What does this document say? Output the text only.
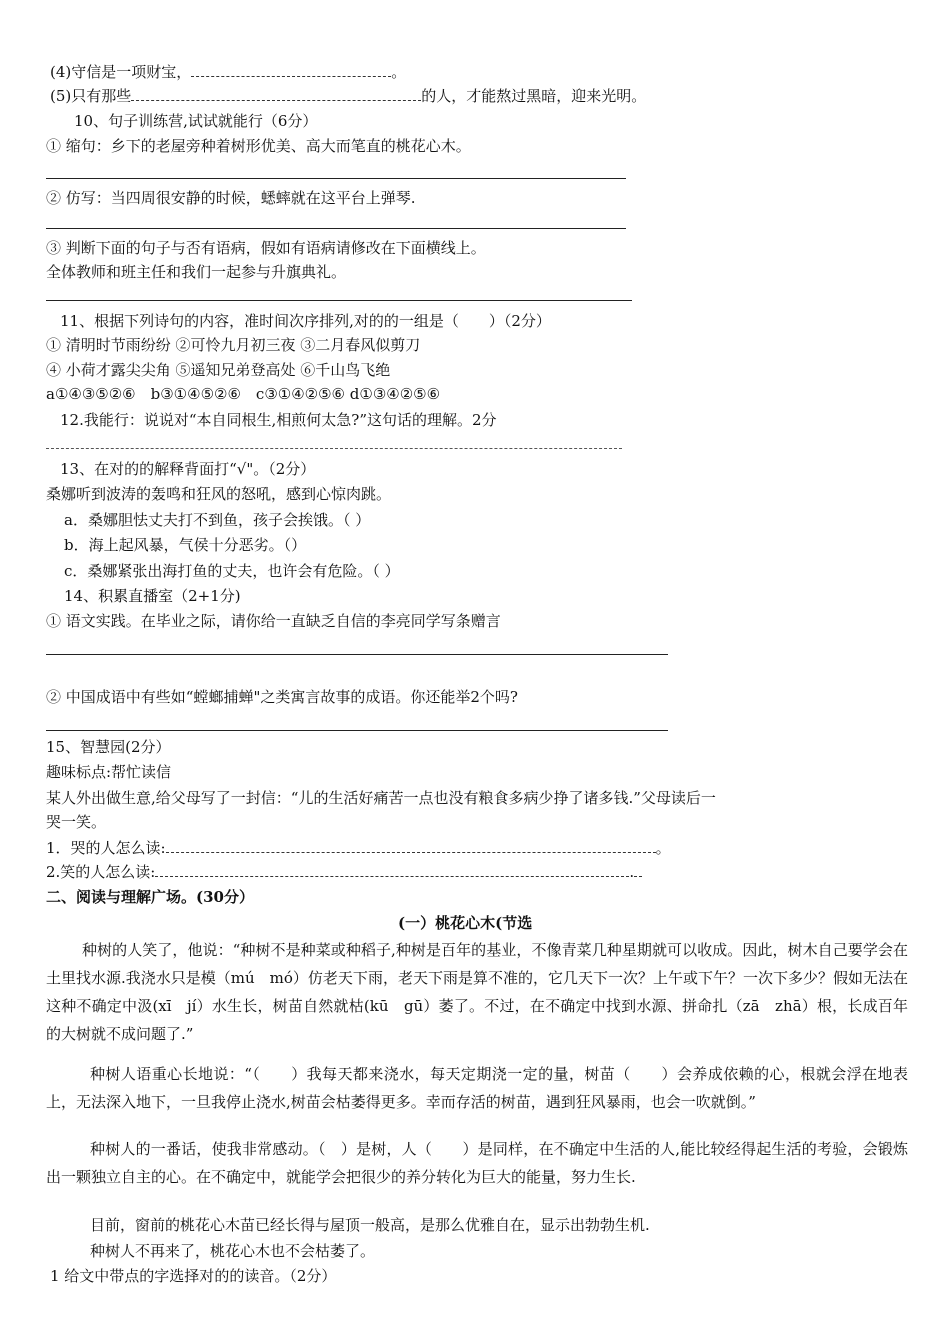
(4)守信是一项财宝，	。
(5)只有那些	的人，才能熬过黑暗，迎来光明。
10、句子训练营,试试就能行（6分）
① 缩句：乡下的老屋旁种着树形优美、高大而笔直的桃花心木。
② 仿写：当四周很安静的时候，蟋蟀就在这平台上弹琴.
③ 判断下面的句子与否有语病，假如有语病请修改在下面横线上。
全体教师和班主任和我们一起参与升旗典礼。
11、根据下列诗句的内容，准时间次序排列,对的的一组是（　　）（2分）
① 清明时节雨纷纷 ②可怜九月初三夜 ③二月春风似剪刀
④ 小荷才露尖尖角 ⑤遥知兄弟登高处 ⑥千山鸟飞绝
a①④③⑤②⑥　b③①④⑤②⑥　c③①④②⑤⑥ d①③④②⑤⑥
12.我能行：说说对“本自同根生,相煎何太急?”这句话的理解。2分
13、在对的的解释背面打“√"。（2分）
桑娜听到波涛的轰鸣和狂风的怒吼，感到心惊肉跳。
a．桑娜胆怯丈夫打不到鱼，孩子会挨饿。（ ）
b．海上起风暴，气侯十分恶劣。（）
c．桑娜紧张出海打鱼的丈夫，也许会有危险。（ ）
14、积累直播室（2+1分)
① 语文实践。在毕业之际，请你给一直缺乏自信的李亮同学写条赠言
② 中国成语中有些如“螳螂捕蝉"之类寓言故事的成语。你还能举2个吗?
15、智慧园(2分）
趣味标点:帮忙读信
某人外出做生意,给父母写了一封信：“儿的生活好痛苦一点也没有粮食多病少挣了诸多钱.”父母读后一
哭一笑。
1．哭的人怎么读:	。
2.笑的人怎么读:	.
二、阅读与理解广场。(30分）
(一）桃花心木(节选
种树的人笑了，他说：“种树不是种菜或种稻子,种树是百年的基业，不像青菜几种星期就可以收成。因此，树木自己要学会在土里找水源.我浇水只是模（mú　mó）仿老天下雨，老天下雨是算不准的，它几天下一次？上午或下午？一次下多少？假如无法在这种不确定中汲(xī　jí）水生长，树苗自然就枯(kū　gū）萎了。不过，在不确定中找到水源、拼命扎（zā　zhā）根，长成百年的大树就不成问题了.”
种树人语重心长地说：“（　　）我每天都来浇水，每天定期浇一定的量，树苗（　　）会养成依赖的心，根就会浮在地表上，无法深入地下，一旦我停止浇水,树苗会枯萎得更多。幸而存活的树苗，遇到狂风暴雨，也会一吹就倒。”
种树人的一番话，使我非常感动。（　）是树，人（　　）是同样，在不确定中生活的人,能比较经得起生活的考验，会锻炼出一颗独立自主的心。在不确定中，就能学会把很少的养分转化为巨大的能量，努力生长.
目前，窗前的桃花心木苗已经长得与屋顶一般高，是那么优雅自在，显示出勃勃生机.
种树人不再来了，桃花心木也不会枯萎了。
1 给文中带点的字选择对的的读音。（2分）
